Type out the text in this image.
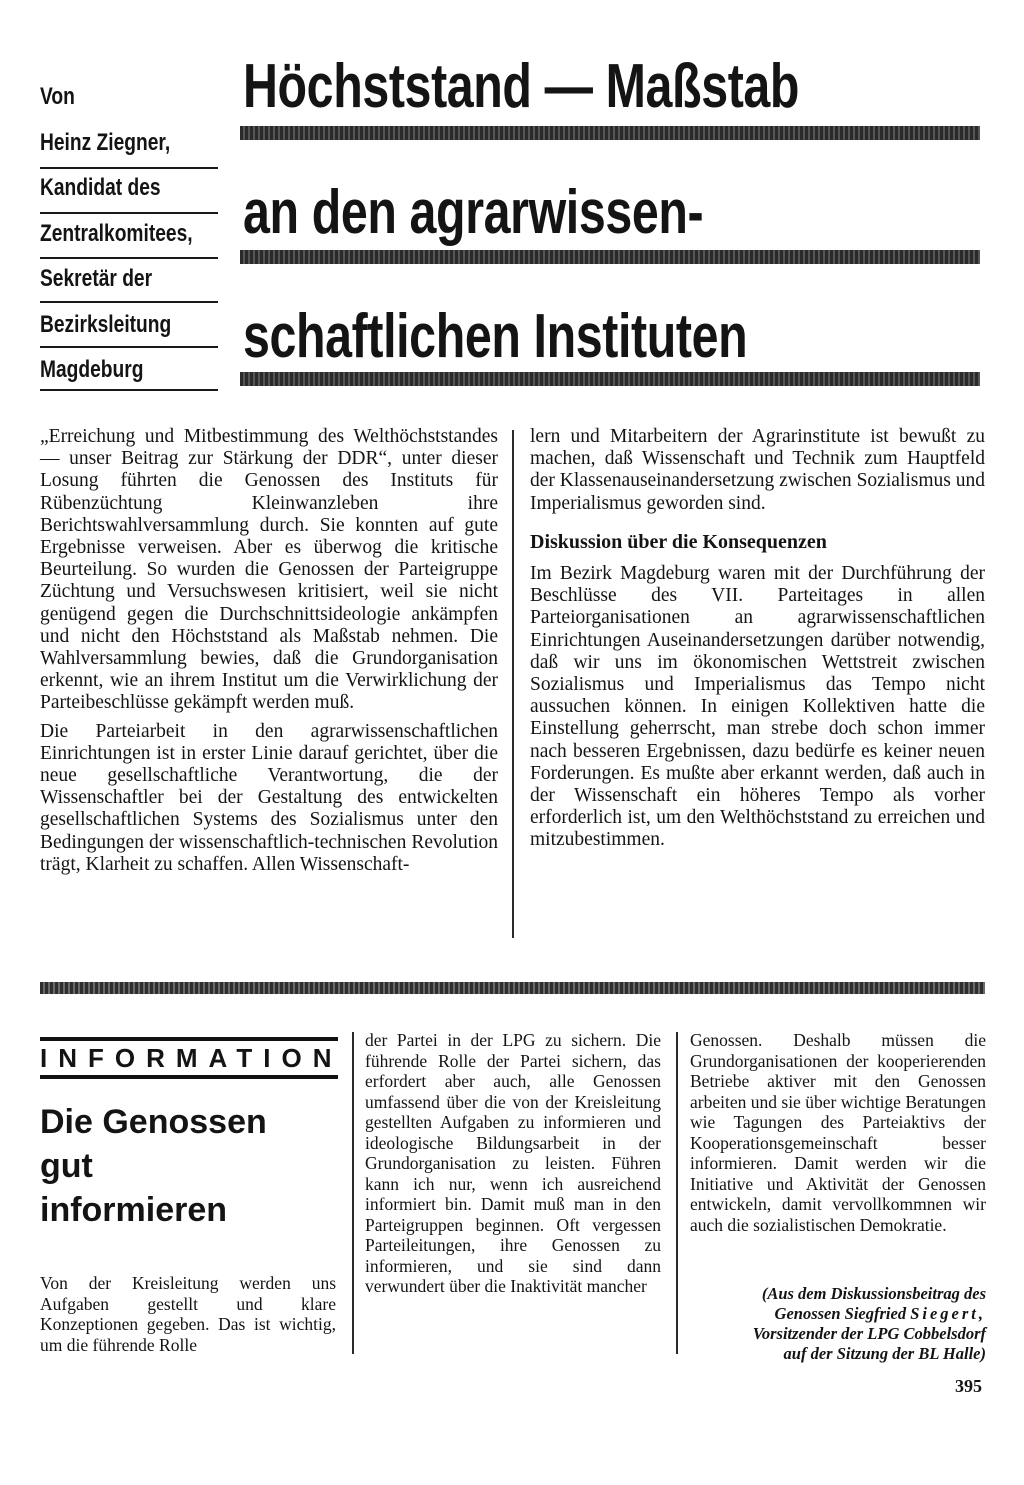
Von
Heinz Ziegner,
Kandidat des
Zentralkomitees,
Sekretär der
Bezirksleitung
Magdeburg
Höchststand — Maßstab
an den agrarwissen-
schaftlichen Instituten

„Erreichung und Mitbestimmung des Welthöchststandes — unser Beitrag zur Stärkung der DDR“, unter dieser Losung führten die Genossen des Instituts für Rübenzüchtung Kleinwanzleben ihre Berichtswahlversammlung durch. Sie konnten auf gute Ergebnisse verweisen. Aber es überwog die kritische Beurteilung. So wurden die Genossen der Parteigruppe Züchtung und Versuchswesen kritisiert, weil sie nicht genügend gegen die Durchschnittsideologie ankämpfen und nicht den Höchststand als Maßstab nehmen. Die Wahlversammlung bewies, daß die Grundorganisation erkennt, wie an ihrem Institut um die Verwirklichung der Parteibeschlüsse gekämpft werden muß.

Die Parteiarbeit in den agrarwissenschaftlichen Einrichtungen ist in erster Linie darauf gerichtet, über die neue gesellschaftliche Verantwortung, die der Wissenschaftler bei der Gestaltung des entwickelten gesellschaftlichen Systems des Sozialismus unter den Bedingungen der wissenschaftlich-technischen Revolution trägt, Klarheit zu schaffen. Allen Wissenschaft-

lern und Mitarbeitern der Agrarinstitute ist bewußt zu machen, daß Wissenschaft und Technik zum Hauptfeld der Klassenauseinandersetzung zwischen Sozialismus und Imperialismus geworden sind.

Diskussion über die Konsequenzen

Im Bezirk Magdeburg waren mit der Durchführung der Beschlüsse des VII. Parteitages in allen Parteiorganisationen an agrarwissenschaftlichen Einrichtungen Auseinandersetzungen darüber notwendig, daß wir uns im ökonomischen Wettstreit zwischen Sozialismus und Imperialismus das Tempo nicht aussuchen können. In einigen Kollektiven hatte die Einstellung geherrscht, man strebe doch schon immer nach besseren Ergebnissen, dazu bedürfe es keiner neuen Forderungen. Es mußte aber erkannt werden, daß auch in der Wissenschaft ein höheres Tempo als vorher erforderlich ist, um den Welthöchststand zu erreichen und mitzubestimmen.

INFORMATION
Die Genossen
gut
informieren
Von der Kreisleitung werden uns Aufgaben gestellt und klare Konzeptionen gegeben. Das ist wichtig, um die führende Rolle
der Partei in der LPG zu sichern. Die führende Rolle der Partei sichern, das erfordert aber auch, alle Genossen umfassend über die von der Kreisleitung gestellten Aufgaben zu informieren und ideologische Bildungsarbeit in der Grundorganisation zu leisten. Führen kann ich nur, wenn ich ausreichend informiert bin. Damit muß man in den Parteigruppen beginnen. Oft vergessen Parteileitungen, ihre Genossen zu informieren, und sie sind dann verwundert über die Inaktivität mancher
Genossen. Deshalb müssen die Grundorganisationen der kooperierenden Betriebe aktiver mit den Genossen arbeiten und sie über wichtige Beratungen wie Tagungen des Parteiaktivs der Kooperationsgemeinschaft besser informieren. Damit werden wir die Initiative und Aktivität der Genossen entwickeln, damit vervollkommnen wir auch die sozialistischen Demokratie.
(Aus dem Diskussionsbeitrag des
Genossen Siegfried Siegert,
Vorsitzender der LPG Cobbelsdorf
auf der Sitzung der BL Halle)
395
